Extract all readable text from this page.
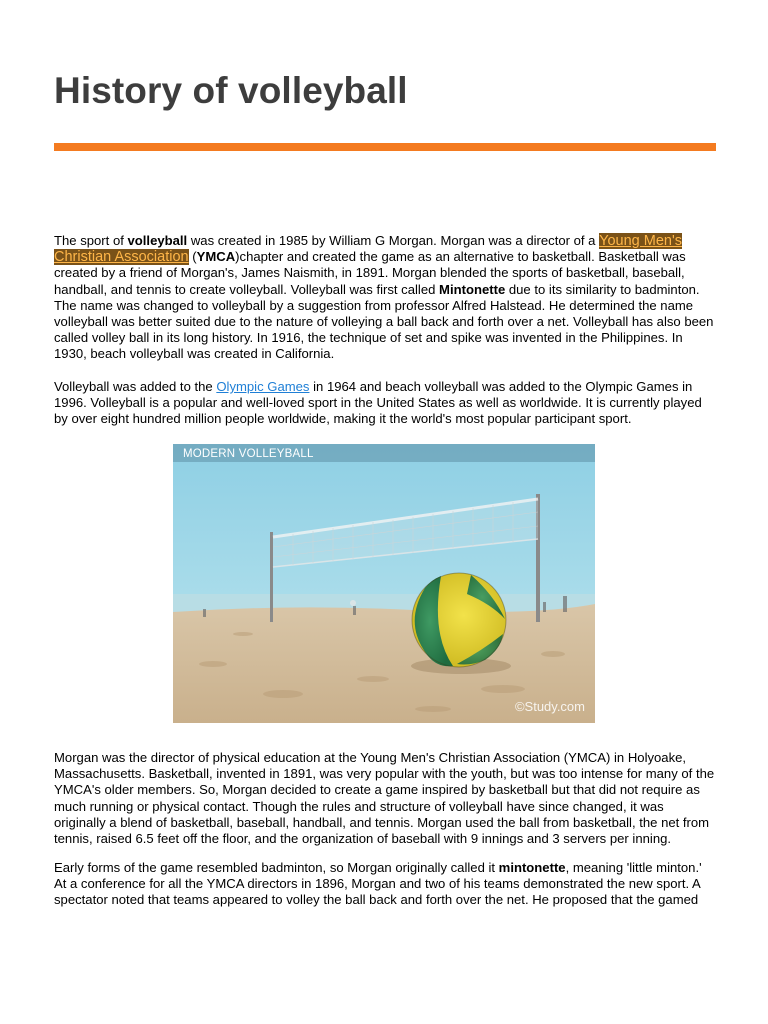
History of volleyball

The sport of volleyball was created in 1985 by William G Morgan. Morgan was a director of a Young Men's Christian Association (YMCA)chapter and created the game as an alternative to basketball. Basketball was created by a friend of Morgan's, James Naismith, in 1891. Morgan blended the sports of basketball, baseball, handball, and tennis to create volleyball. Volleyball was first called Mintonette due to its similarity to badminton. The name was changed to volleyball by a suggestion from professor Alfred Halstead. He determined the name volleyball was better suited due to the nature of volleying a ball back and forth over a net. Volleyball has also been called volley ball in its long history. In 1916, the technique of set and spike was invented in the Philippines. In 1930, beach volleyball was created in California.

Volleyball was added to the Olympic Games in 1964 and beach volleyball was added to the Olympic Games in 1996. Volleyball is a popular and well-loved sport in the United States as well as worldwide. It is currently played by over eight hundred million people worldwide, making it the world's most popular participant sport.

MODERN VOLLEYBALL
©Study.com

Morgan was the director of physical education at the Young Men's Christian Association (YMCA) in Holyoake, Massachusetts. Basketball, invented in 1891, was very popular with the youth, but was too intense for many of the YMCA's older members. So, Morgan decided to create a game inspired by basketball but that did not require as much running or physical contact. Though the rules and structure of volleyball have since changed, it was originally a blend of basketball, baseball, handball, and tennis. Morgan used the ball from basketball, the net from tennis, raised 6.5 feet off the floor, and the organization of baseball with 9 innings and 3 servers per inning.

Early forms of the game resembled badminton, so Morgan originally called it mintonette, meaning 'little minton.' At a conference for all the YMCA directors in 1896, Morgan and two of his teams demonstrated the new sport. A spectator noted that teams appeared to volley the ball back and forth over the net. He proposed that the gamed
